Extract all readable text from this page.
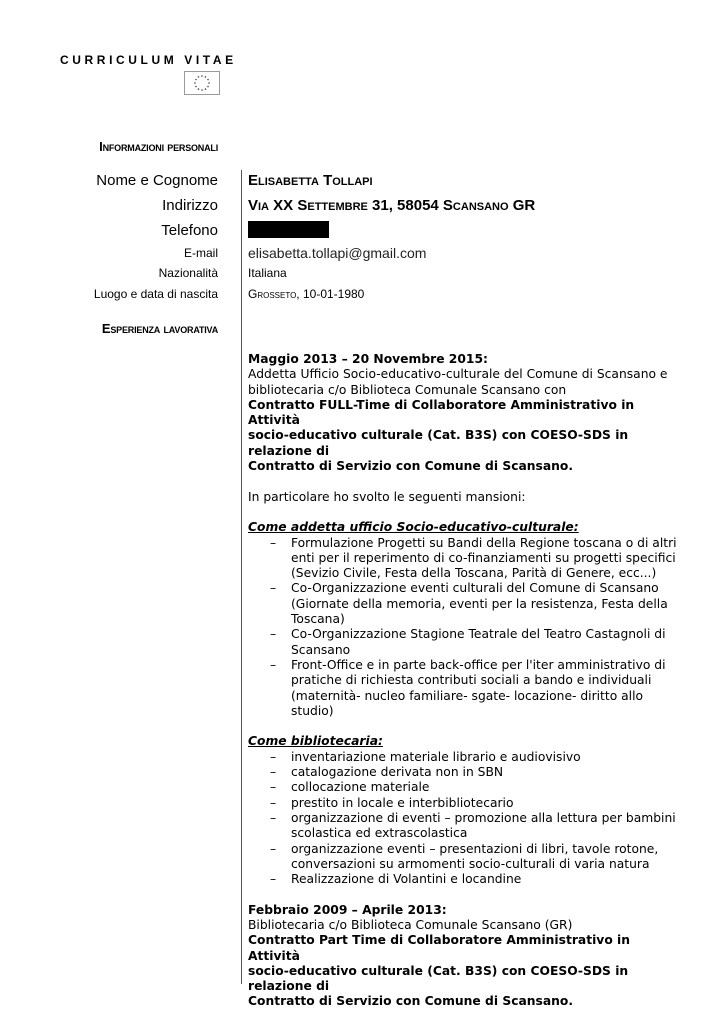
CURRICULUM VITAE
Informazioni personali
Nome e Cognome Elisabetta Tollapi
Indirizzo Via XX Settembre 31, 58054 Scansano GR
Telefono
E-mail elisabetta.tollapi@gmail.com
Nazionalità	Italiana
Luogo e data di nascita	Grosseto, 10-01-1980
Esperienza lavorativa

Maggio 2013 – 20 Novembre 2015:

Addetta Ufficio Socio-educativo-culturale del Comune di Scansano e

bibliotecaria c/o Biblioteca Comunale Scansano con

Contratto FULL-Time di Collaboratore Amministrativo in Attività

socio-educativo culturale (Cat. B3S) con COESO-SDS in relazione di

Contratto di Servizio con Comune di Scansano.

In particolare ho svolto le seguenti mansioni:

Come addetta ufficio Socio-educativo-culturale:

– Formulazione Progetti su Bandi della Regione toscana o di altri enti per il reperimento di co-finanziamenti su progetti specifici (Sevizio Civile, Festa della Toscana, Parità di Genere, ecc...)
– Co-Organizzazione eventi culturali del Comune di Scansano (Giornate della memoria, eventi per la resistenza, Festa della Toscana)
– Co-Organizzazione Stagione Teatrale del Teatro Castagnoli di Scansano
– Front-Office e in parte back-office per l'iter amministrativo di pratiche di richiesta contributi sociali a bando e individuali (maternità- nucleo familiare- sgate- locazione- diritto allo studio)

Come bibliotecaria:

– inventariazione materiale librario e audiovisivo
– catalogazione derivata non in SBN
– collocazione materiale
– prestito in locale e interbibliotecario
– organizzazione di eventi – promozione alla lettura per bambini scolastica ed extrascolastica
– organizzazione eventi – presentazioni di libri, tavole rotone, conversazioni su armomenti socio-culturali di varia natura
– Realizzazione di Volantini e locandine

Febbraio 2009 – Aprile 2013:

Bibliotecaria c/o Biblioteca Comunale Scansano (GR)

Contratto Part Time di Collaboratore Amministrativo in Attività

socio-educativo culturale (Cat. B3S) con COESO-SDS in relazione di

Contratto di Servizio con Comune di Scansano.
